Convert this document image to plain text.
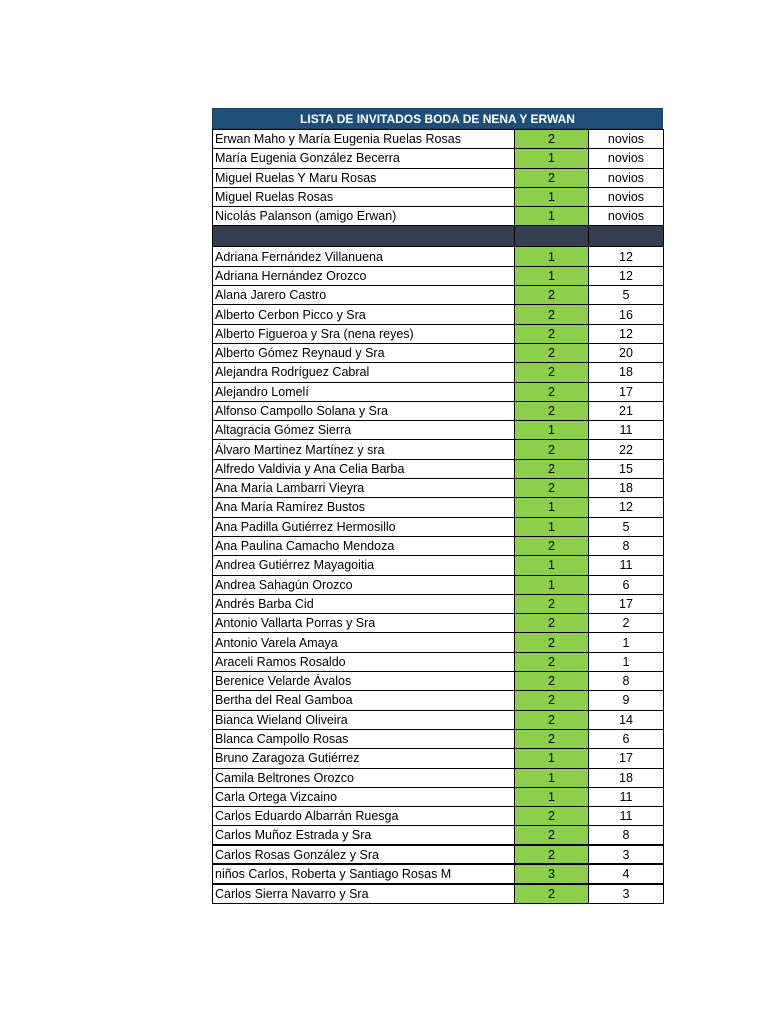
LISTA DE INVITADOS BODA DE NENA Y ERWAN
Erwan Maho y María Eugenia Ruelas Rosas	2	novios
María Eugenia González Becerra	1	novios
Miguel Ruelas Y Maru Rosas	2	novios
Miguel Ruelas Rosas	1	novios
Nicolás Palanson (amigo Erwan)	1	novios

Adriana Fernández Villanuena	1	12
Adriana Hernández Orozco	1	12
Alana Jarero Castro	2	5
Alberto Cerbon Picco y Sra	2	16
Alberto Figueroa y Sra (nena reyes)	2	12
Alberto Gómez Reynaud y Sra	2	20
Alejandra Rodríguez Cabral	2	18
Alejandro Lomelí	2	17
Alfonso Campollo Solana y Sra	2	21
Altagracia Gómez Sierra	1	11
Álvaro Martinez Martínez y sra	2	22
Alfredo Valdivia y Ana Celia Barba	2	15
Ana María Lambarri Vieyra	2	18
Ana María Ramírez Bustos	1	12
Ana Padilla Gutiérrez Hermosillo	1	5
Ana Paulina Camacho Mendoza	2	8
Andrea Gutiérrez Mayagoitia	1	11
Andrea Sahagún Orozco	1	6
Andrés Barba Cid	2	17
Antonio Vallarta Porras y Sra	2	2
Antonio Varela Amaya	2	1
Araceli Ramos Rosaldo	2	1
Berenice Velarde Ávalos	2	8
Bertha del Real Gamboa	2	9
Bianca Wieland Oliveira	2	14
Blanca Campollo Rosas	2	6
Bruno Zaragoza Gutiérrez	1	17
Camila Beltrones Orozco	1	18
Carla Ortega Vizcaino	1	11
Carlos Eduardo Albarrán Ruesga	2	11
Carlos Muñoz Estrada y Sra	2	8
Carlos Rosas González y Sra	2	3
niños Carlos, Roberta y Santiago Rosas M	3	4
Carlos Sierra Navarro y Sra	2	3
